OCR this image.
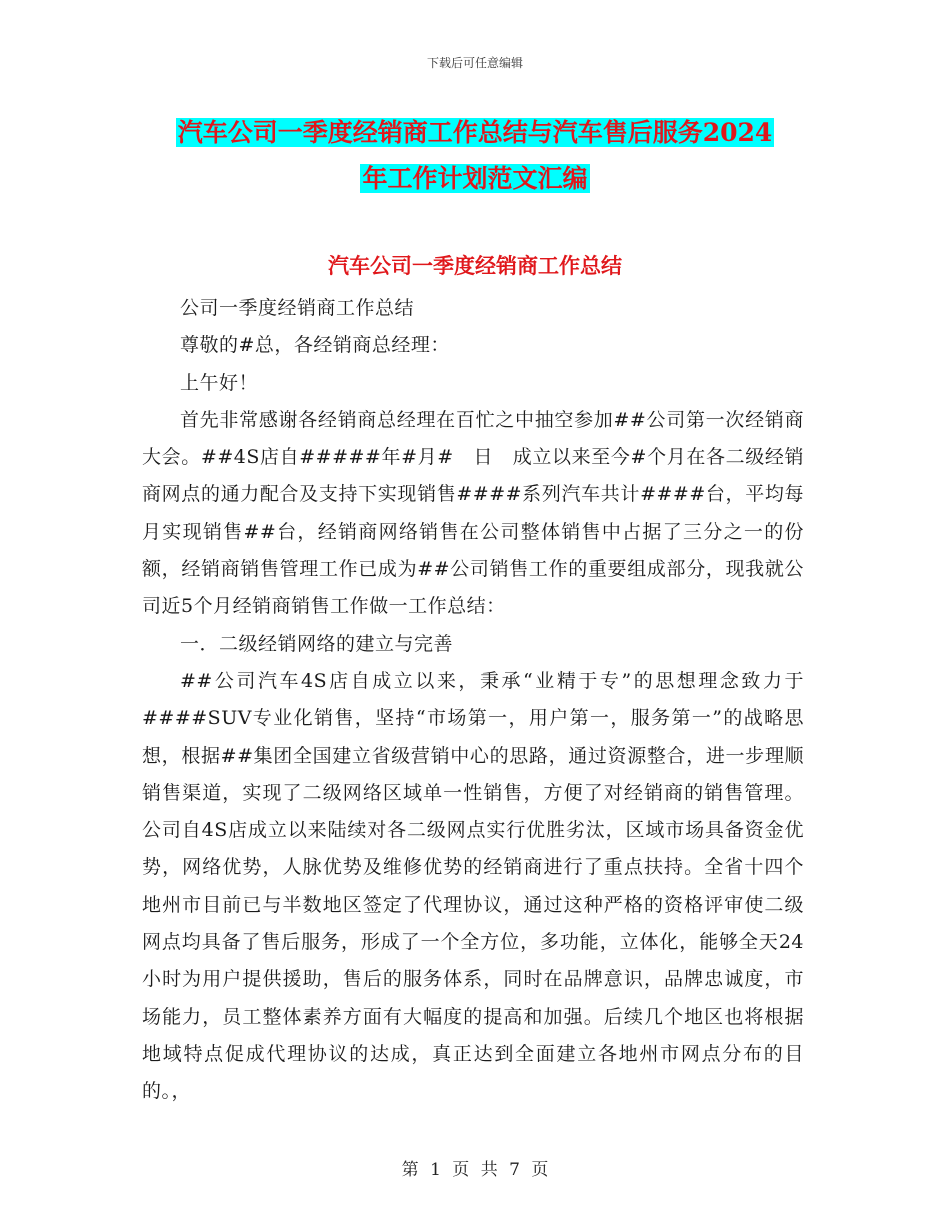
下载后可任意编辑
汽车公司一季度经销商工作总结与汽车售后服务2024
年工作计划范文汇编
汽车公司一季度经销商工作总结

公司一季度经销商工作总结

尊敬的#总，各经销商总经理：

上午好！

首先非常感谢各经销商总经理在百忙之中抽空参加##公司第一次经销商大会。##4S店自#####年#月#　日　成立以来至今#个月在各二级经销商网点的通力配合及支持下实现销售####系列汽车共计####台，平均每月实现销售##台，经销商网络销售在公司整体销售中占据了三分之一的份额，经销商销售管理工作已成为##公司销售工作的重要组成部分，现我就公司近5个月经销商销售工作做一工作总结：

一．二级经销网络的建立与完善

##公司汽车4S店自成立以来，秉承“业精于专”的思想理念致力于####SUV专业化销售，坚持“市场第一，用户第一，服务第一”的战略思想，根据##集团全国建立省级营销中心的思路，通过资源整合，进一步理顺销售渠道，实现了二级网络区域单一性销售，方便了对经销商的销售管理。公司自4S店成立以来陆续对各二级网点实行优胜劣汰，区域市场具备资金优势，网络优势，人脉优势及维修优势的经销商进行了重点扶持。全省十四个地州市目前已与半数地区签定了代理协议，通过这种严格的资格评审使二级网点均具备了售后服务，形成了一个全方位，多功能，立体化，能够全天24小时为用户提供援助，售后的服务体系，同时在品牌意识，品牌忠诚度，市场能力，员工整体素养方面有大幅度的提高和加强。后续几个地区也将根据地域特点促成代理协议的达成，真正达到全面建立各地州市网点分布的目的。，

第 1 页 共 7 页
